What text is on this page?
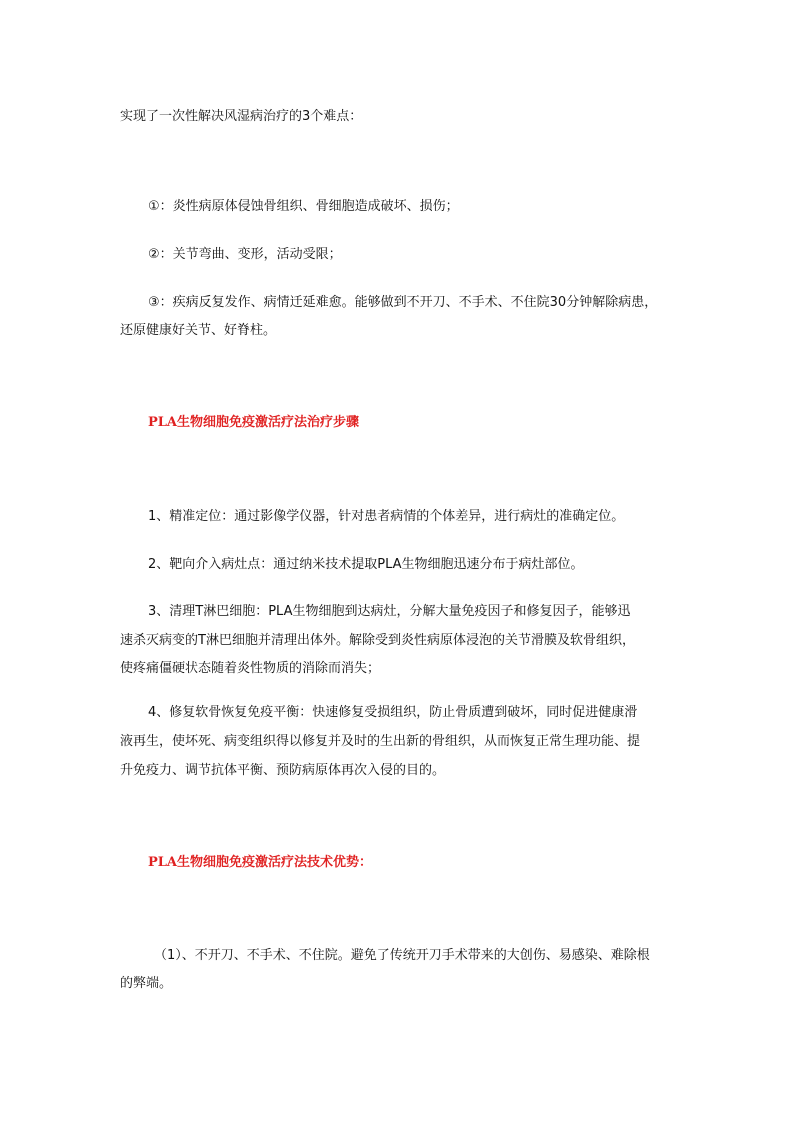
实现了一次性解决风湿病治疗的3个难点：
①：炎性病原体侵蚀骨组织、骨细胞造成破坏、损伤；
②：关节弯曲、变形，活动受限；
③：疾病反复发作、病情迁延难愈。能够做到不开刀、不手术、不住院30分钟解除病患，
还原健康好关节、好脊柱。
PLA生物细胞免疫激活疗法治疗步骤
1、精准定位：通过影像学仪器，针对患者病情的个体差异，进行病灶的准确定位。
2、靶向介入病灶点：通过纳米技术提取PLA生物细胞迅速分布于病灶部位。
3、清理T淋巴细胞：PLA生物细胞到达病灶，分解大量免疫因子和修复因子，能够迅
速杀灭病变的T淋巴细胞并清理出体外。解除受到炎性病原体浸泡的关节滑膜及软骨组织，
使疼痛僵硬状态随着炎性物质的消除而消失；
4、修复软骨恢复免疫平衡：快速修复受损组织，防止骨质遭到破坏，同时促进健康滑
液再生，使坏死、病变组织得以修复并及时的生出新的骨组织，从而恢复正常生理功能、提
升免疫力、调节抗体平衡、预防病原体再次入侵的目的。
PLA生物细胞免疫激活疗法技术优势：
（1）、不开刀、不手术、不住院。避免了传统开刀手术带来的大创伤、易感染、难除根
的弊端。
